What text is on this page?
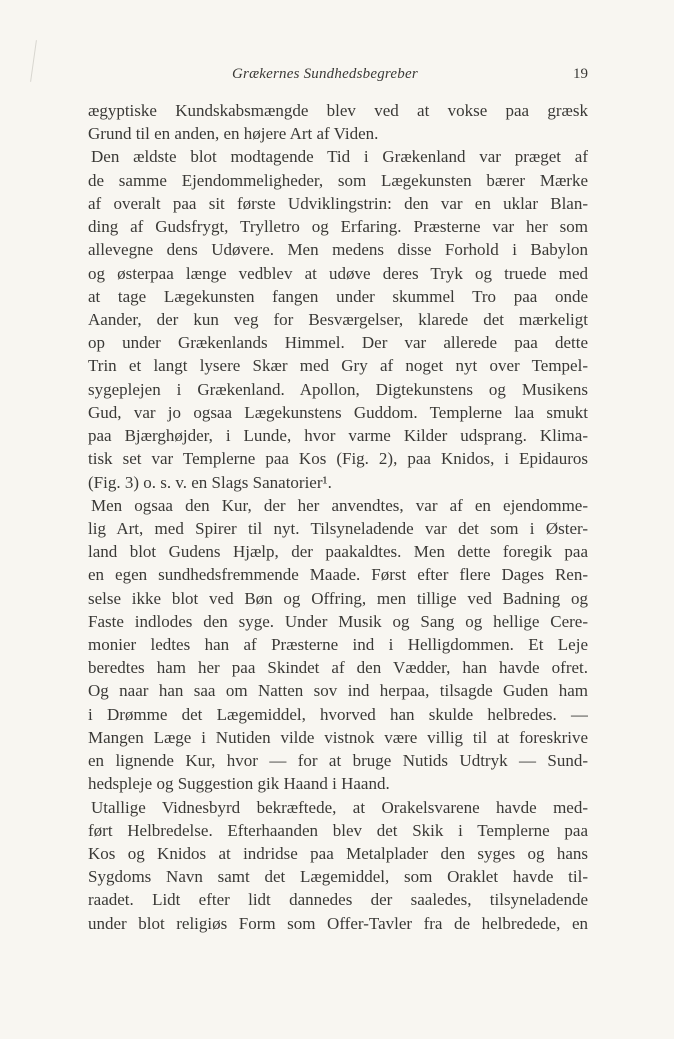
Grækernes Sundhedsbegreber	19
ægyptiske Kundskabsmængde blev ved at vokse paa græsk
Grund til en anden, en højere Art af Viden.
Den ældste blot modtagende Tid i Grækenland var præget af
de samme Ejendommeligheder, som Lægekunsten bærer Mærke
af overalt paa sit første Udviklingstrin: den var en uklar Blan-
ding af Gudsfrygt, Trylletro og Erfaring. Præsterne var her som
allevegne dens Udøvere. Men medens disse Forhold i Babylon
og østerpaa længe vedblev at udøve deres Tryk og truede med
at tage Lægekunsten fangen under skummel Tro paa onde
Aander, der kun veg for Besværgelser, klarede det mærkeligt
op under Grækenlands Himmel. Der var allerede paa dette
Trin et langt lysere Skær med Gry af noget nyt over Tempel-
sygeplejen i Grækenland. Apollon, Digtekunstens og Musikens
Gud, var jo ogsaa Lægekunstens Guddom. Templerne laa smukt
paa Bjærghøjder, i Lunde, hvor varme Kilder udsprang. Klima-
tisk set var Templerne paa Kos (Fig. 2), paa Knidos, i Epidauros
(Fig. 3) o. s. v. en Slags Sanatorier¹.
Men ogsaa den Kur, der her anvendtes, var af en ejendomme-
lig Art, med Spirer til nyt. Tilsyneladende var det som i Øster-
land blot Gudens Hjælp, der paakaldtes. Men dette foregik paa
en egen sundhedsfremmende Maade. Først efter flere Dages Ren-
selse ikke blot ved Bøn og Offring, men tillige ved Badning og
Faste indlodes den syge. Under Musik og Sang og hellige Cere-
monier ledtes han af Præsterne ind i Helligdommen. Et Leje
beredtes ham her paa Skindet af den Vædder, han havde ofret.
Og naar han saa om Natten sov ind herpaa, tilsagde Guden ham
i Drømme det Lægemiddel, hvorved han skulde helbredes. —
Mangen Læge i Nutiden vilde vistnok være villig til at foreskrive
en lignende Kur, hvor — for at bruge Nutids Udtryk — Sund-
hedspleje og Suggestion gik Haand i Haand.
Utallige Vidnesbyrd bekræftede, at Orakelsvarene havde med-
ført Helbredelse. Efterhaanden blev det Skik i Templerne paa
Kos og Knidos at indridse paa Metalplader den syges og hans
Sygdoms Navn samt det Lægemiddel, som Oraklet havde til-
raadet. Lidt efter lidt dannedes der saaledes, tilsyneladende
under blot religiøs Form som Offer-Tavler fra de helbredede, en
